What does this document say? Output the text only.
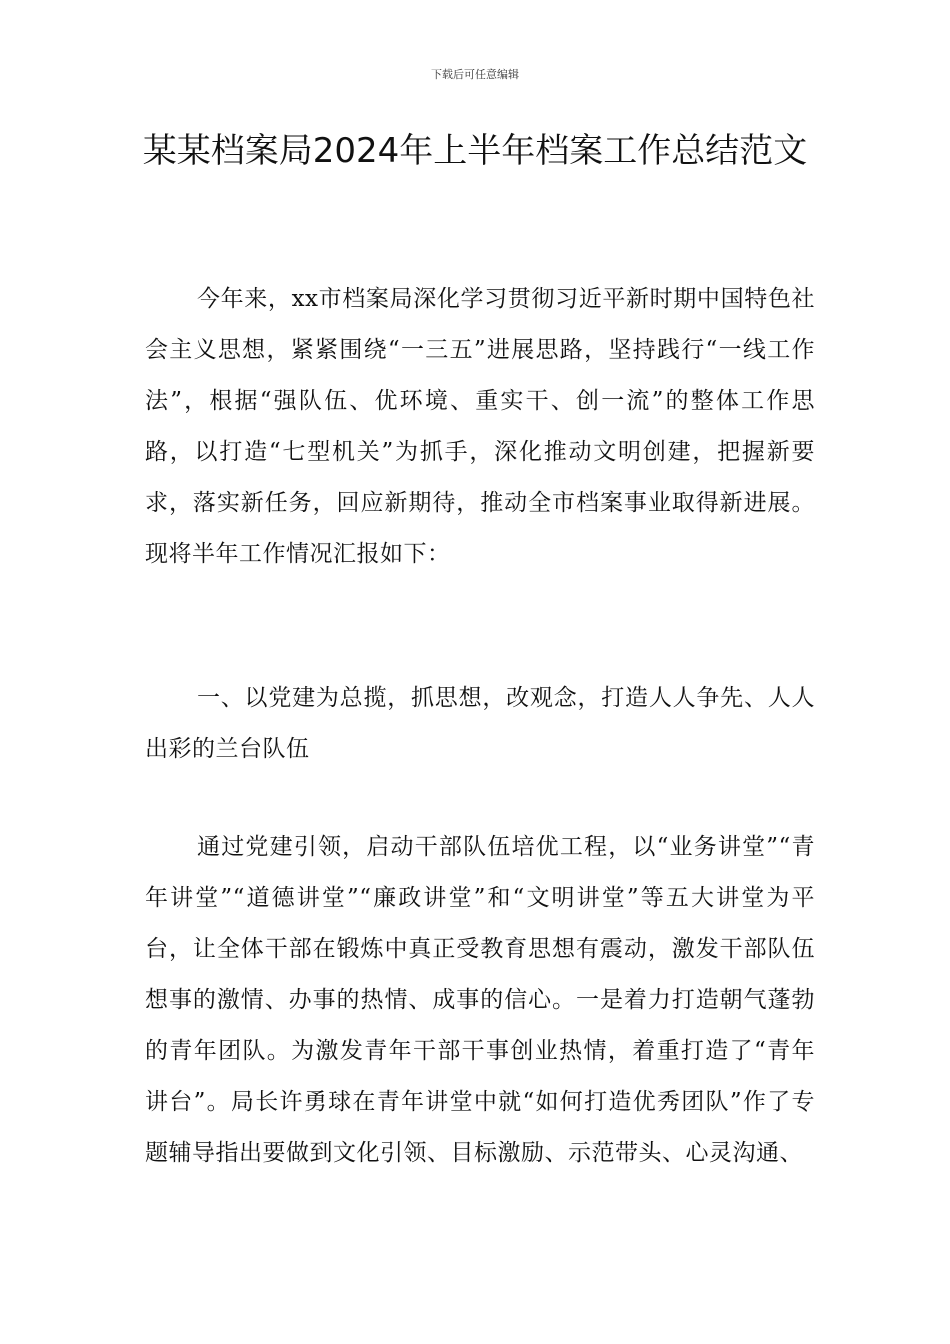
下载后可任意编辑
某某档案局2024年上半年档案工作总结范文

今年来，xx市档案局深化学习贯彻习近平新时期中国特色社会主义思想，紧紧围绕“一三五”进展思路，坚持践行“一线工作法”，根据“强队伍、优环境、重实干、创一流”的整体工作思路，以打造“七型机关”为抓手，深化推动文明创建，把握新要求，落实新任务，回应新期待，推动全市档案事业取得新进展。现将半年工作情况汇报如下：

一、以党建为总揽，抓思想，改观念，打造人人争先、人人出彩的兰台队伍

通过党建引领，启动干部队伍培优工程，以“业务讲堂”“青年讲堂”“道德讲堂”“廉政讲堂”和“文明讲堂”等五大讲堂为平台，让全体干部在锻炼中真正受教育思想有震动，激发干部队伍想事的激情、办事的热情、成事的信心。一是着力打造朝气蓬勃的青年团队。为激发青年干部干事创业热情，着重打造了“青年讲台”。局长许勇球在青年讲堂中就“如何打造优秀团队”作了专题辅导指出要做到文化引领、目标激励、示范带头、心灵沟通、
